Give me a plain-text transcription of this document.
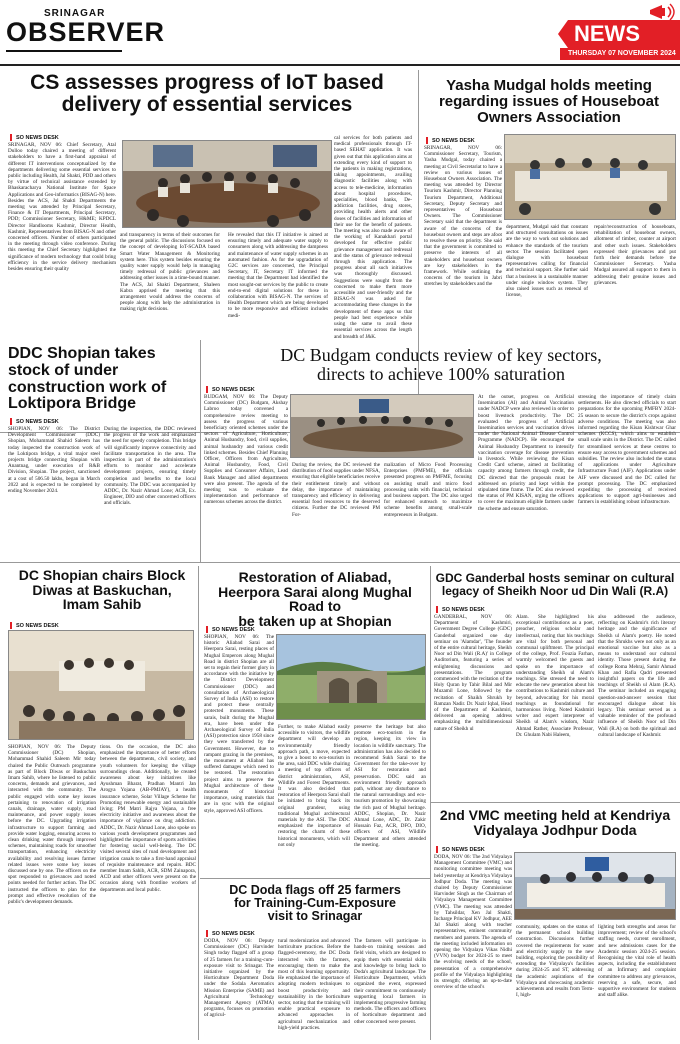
SRINAGAR
OBSERVER	NEWS
THURSDAY 07 NOVEMBER 2024
CS assesses progress of IoT based
delivery of essential services
SO NEWS DESK
SRINAGAR, NOV 06: Chief Secretary, Atal Dulloo today chaired a meeting of different stakeholders to have a first-hand appraisal of different IT interventions conceptualized by the departments delivering some essential services to public including Health, Jal Shakti, PDD and others by virtue of technical assistance extended by Bhaskaracharya National Institute for Space Applications and Geo-informatics (BISAG-N) here. Besides the ACS, Jal Shakti Departments the meeting was attended by Principal Secretary, Finance & IT Departments, Principal Secretary, PDD; Commissioner Secretary, H&ME; KPDCL Director Handlooms Kashmir, Director Health, Kashmir, Representatives from BISAG-N and other concerned officers. Number of others participated in the meeting through video conference. During this meeting the Chief Secretary highlighted the significance of modern technology that could bring efficiency in the service delivery mechanism besides ensuring their quality
and transparency in terms of their outcomes for the general public. The discussions focused on the concept of developing IoT-SCADA based Smart Water Management & Monitoring system here. This system besides ensuring the quality water supply would help in managing timely redressal of public grievances and addressing other issues in a time-bound manner. The ACS, Jal Shakti Department, Shaleen Kabra apprised the meeting that this arrangement would address the concerns of people along with help the administration in making right decisions.
He revealed that this IT initiative is aimed at ensuring timely and adequate water supply to consumers along with addressing the dampness and maintenance of water supply schemes in an automated fashion. As for the upgradation of G2C services are concerned, the Principal Secretary, IT, Secretary IT informed the meeting that the Department had identified the most sought-out services by the public to create end-to-end digital solutions for these in collaboration with BISAG-N. The services of Health Department which are being developed to be more responsive and efficient includes medi-
cal services for both patients and medical professionals through IT-based SEHAT application. It was given out that this application aims at extending every kind of support to the patients in making registrations, taking appointments, availing diagnostic facilities along with access to tele-medicine, information about hospital procedures, specialities, blood banks, De-addiction facilities, drug stores, providing health alerts and other doses of facilities and information of their use for the benefit of patients. The meeting was also made aware of the working of Kanakhari portal developed for effective public grievance management and redressal and the status of grievance redressal through this application. The progress about all such initiatives was thoroughly discussed. Suggestions were sought from the concerned to make them more accessible and user-friendly and the BISAG-N was asked for accommodating these changes in the development of these apps so that people had best experience while using the same to avail these essential services across the length and breadth of J&K.
Yasha Mudgal holds meeting
regarding issues of Houseboat
Owners Association
SO NEWS DESK
SRINAGAR, NOV 06: Commissioner Secretary, Tourism, Yasha Mudgal, today chaired a meeting at Civil Secretariat to have a review on various issues of Houseboat Owners Association. The meeting was attended by Director Tourism Kashmir, Director Planning Tourism Department, Additional Secretary, Deputy Secretary and representatives of Houseboat Owners. The Commissioner Secretary said that the department is aware of the concerns of the houseboat owners and steps are afoot to resolve these on priority. She said that the government is committed to preserve the interests of all stakeholders and houseboat owners are key stakeholders in the framework. While outlining the concerns of the tourism in Jabri stretches by stakeholders and the
department, Mudgal said that constant and structured consultations on issues are the way to work out solutions and enhance the standards of the tourism sector. The session facilitated open dialogue with houseboat representatives calling for financial and technical support. She further said that a business in a sustainable manner under single window system. They also raised issues such as renewal of license,
repair/reconstruction of houseboats, rehabilitation of houseboat owners, allotment of timber, counter at airport and other such issues. Stakeholders expressed their grievances and put forth their demands before the Commissioner Secretary. Yasha Mudgal assured all support to them in addressing their genuine issues and grievances.
DDC Shopian takes
stock of under
construction work of
Loktipora Bridge
SO NEWS DESK
SHOPIAN, NOV 06: The District Development Commissioner (DDC) Shopian, Mohammad Shahid Saleem has today inspected the construction work of the Loktipora bridge, a vital major steel projects bridge connecting Shopian with Anantnag, under execution of R&B Division, Shopian. The project, sanctioned at a cost of 506.50 lakhs, began in March 2022 and is expected to be completed by ending November 2024.
During the inspection, the DDC reviewed the progress of the work and emphasized the need for speedy completion. This bridge will significantly improve connectivity and facilitate transportation in the area. The inspection is part of the administration's efforts to monitor and accelerate development projects, ensuring timely completion and benefits to the local community. The DDC was accompanied by ADDC, Dr. Nazir Ahmad Lone; ACR, Ex. Engineer, DIO and other concerned officers and officials.
DC Budgam conducts review of key sectors,
directs to achieve 100% saturation
SO NEWS DESK
BUDGAM, NOV 06: The Deputy Commissioner (DC) Budgam, Akshay Labroo today convened a comprehensive review meeting to assess the progress of various beneficiary oriented schemes under the sectors of Agriculture, Horticulture, Animal Husbandry, food, civil supplies, animal husbandry and various credit linked schemes. Besides Chief Planning Officer, Officers from Agriculture, Animal Husbandry, Food, Civil Supplies and Consumer Affairs, Lead Bank Manager and allied departments were also present. The agenda of the meeting was to evaluate the implementation and performance of numerous schemes across the district.
During the review, the DC reviewed the distribution of food supplies under NFSA, ensuring that eligible beneficiaries receive their entitlement timely and without delay, the importance of maintaining transparency and efficiency in delivering essential food resources to the deserved citizens. Further the DC reviewed PM For-
malization of Micro Food Processing Enterprises (PMFME), the officials presented progress on PMFME, focusing on assisting small and micro food processing units with financial, technical and business support. The DC also urged for enhanced outreach to maximize scheme benefits among small-scale entrepreneurs in Budgam.
At the outset, progress on Artificial Insemination (AI) and Animal Vaccination under NADCP were also reviewed in order to boost livestock productivity. The DC evaluated the progress of Artificial Insemination services and vaccination drives under the National Animal Disease Control Programme (NADCP). He encouraged the Animal Husbandry Department to intensify vaccination coverage for disease prevention in livestock. While reviewing the Kisan Credit Card scheme, aimed at facilitating capacity among farmers through credit, the DC directed that the proposals must be addressed on priority and kept within the stipulated time frame. The DC also reviewed the status of PM KISAN, urging the officers to cover the maximum eligible farmers under the scheme and ensure saturation.
stressing the importance of timely claim settlements. He also directed officials to start preparations for the upcoming PMFBY 2024-25 season to secure the district's crops against adverse conditions. The meeting was also informed regarding the Kisan Kishtwar Ghar schemes (KCCS), which aims to establish small scale units in the District. The DC called for streamlined services at these centres to ensure easy access to government schemes and subsidies. The review also included the status of applications under Agriculture Infrastructure Fund (AIF). Applications under AIF were discussed and the DC called for prompt processing. The DC emphasized expediting the processing of received applications to support agri-businesses and farmers in establishing robust infrastructure.
DC Shopian chairs Block
Diwas at Baskuchan,
Imam Sahib
SO NEWS DESK
SHOPIAN, NOV 06: The Deputy Commissioner (DC) Shopian, Mohammad Shahid Saleem Mir today chaired the Public Outreach programme as part of Block Diwas or Baskuchan Imam Sahib, where he listened to public concerns, demands and grievances, and interacted with the community. The public engaged with some key issues pertaining to renovation of irrigation canals, drainage, water supply, road maintenance, and power supply issues before the DC. Upgrading irrigation infrastructure to support farming and provide water logging, ensuring access to clean drinking water through improved schemes, maintaining roads for smoother transportation, enhancing electricity availability and resolving issues farmer related issues were some key issues discussed one by one. The officers on the spot responded to grievances and noted points needed for further action. The DC instructed the officers to plan for the prompt and effective resolution of the public's development demands.
tions. On the occasion, the DC also emphasized the importance of better efforts between the departments, civil society, and youth volunteers for keeping the village surroundings clean. Additionally, he created awareness about key initiatives like Ayushman Bharat, Pradhan Mantri Jan Arogya Yojana (AB-PMJAY), a health insurance scheme, Solar Village Scheme for Promoting renewable energy and sustainable living; PM Matri Rajya Yojana, a free electricity initiative and awareness about the importance of vigilance on drug addiction. ADDC, Dr. Nazir Ahmad Lone, also spoke on various youth development programmes and highlighted the importance of sports activities for fostering social well-being. The DC visited several sites of road development and irrigation canals to take a first-hand appraisal of requisite maintenance and repairs. BDC member Imam Sahib, ACR, SDM Zainapora, ACD and other officers were present on the occasion along with frontline workers of departments and local public.
Restoration of Aliabad,
Heerpora Sarai along Mughal Road to
be taken up at Shopian
SO NEWS DESK
SHOPIAN, NOV 06: The historic Aliabad Sarai and Heerpora Sarai, resting places of Mughal Emperors along Mughal Road in district Shopian are all set to regain their former glory in accordance with the initiative by the District Development Commissioner (DDC) and consultation of Archaeological Survey of India (ASI) to restore and protect these centrally protected monuments. These sarais, built during the Mughal era, have been under the Archaeological Survey of India (ASI) protection since 1958 since they were transferred by the Government. However, due to rampant grazing in the premises, the monument at Aliabad has suffered damages which need to be restored. The restoration project aims to preserve the Mughal architecture of these monuments of historical importance, using materials that are in sync with the original style, approved ASI officers.
Further, to make Aliabad easily accessible to visitors, the wildlife department will develop an environmentally friendly approach path, a move, expected to give a boost to eco-tourism in the area, said DDC while chairing a meeting of top officers of district administration, ASI, Wildlife and Forest Departments. It was also decided that restoration of Heerpora Sarai shall be initiated to bring back its original grandeur, using traditional Mughal architectural materials by the ASI. The DDC emphasized the importance of restoring the charm of these historical monuments, which will not only
preserve the heritage but also promote eco-tourism in the region, keeping its view in location in wildlife sanctuary. The administration has also decided to recommend Sukh Sarai to the Government for the take-over by ASI for restoration and preservation. DDC said an environment friendly approach path, without any disturbance to the natural surroundings and eco-tourism promotion by showcasing the rich past of Mughal heritage. ADDC, Shopian, Dr. Nazir Ahmad Lone, ADC, Dr. Zakir Hussain Faz, ACR, DFO, DIO, officers of ASI, Wildlife Department and others attended the meeting.
DC Doda flags off 25 farmers
for Training-Cum-Exposure
visit to Srinagar
SO NEWS DESK
DODA, NOV 06: Deputy Commissioner (DC) Harvinder Singh today flagged off a group of 25 farmers for a training-cum-exposure visit to Srinagar. The initiative organized by the Horticulture Department Doda under the Sodala Aeromatics Mission Enterprise (SAME) and Agricultural Technology Management Agency (ATMA) programs, focuses on promotion of agricul-
tural modernization and advanced horticulture practices. Before the flagged-ceremony, the DC Doda interacted with the farmers, encouraging them to make the most of this learning opportunity. He emphasized the importance of adopting modern techniques to boost productivity and sustainability in the horticulture sector, noting that the training will enable practical exposure to advanced approaches in agricultural mechanization and high-yield practices.
The farmers will participate in hands-on training sessions and field visits, which are designed to equip them with essential skills and knowledge to bring back to Doda's agricultural landscape. The Horticulture Department, which organized the event, expressed their commitment to continuously supporting local farmers in implementing progressive farming methods. The officers and officers of horticulture department and other concerned were present.
GDC Ganderbal hosts seminar on cultural
legacy of Sheikh Noor ud Din Wali (R.A)
SO NEWS DESK
GANDERBAL, NOV 06: Department of Kashmiri, Government Degree College (GDC) Ganderbal organized one day seminar on 'Alamdar', 'The founder of the entire cultural heritage, Sheikh Noor ud Din Wali (R.A)' in College Auditorium, featuring a series of enlightening discussions and presentations. The program commenced with the recitation of the Holy Quran by Tahir Bilal and Mir Muzamil Lone, followed by the recitation of Shaikh Shrukh by Ramzan Nadir. Dr. Nazir Iqbal, Head of the Department of Kashmiri, delivered an opening address emphasizing the multidimensional nature of Sheikh ul
Alam. She highlighted his exceptional contributions as a poet, preacher, religious scholar and intellectual, noting that his teachings are vital for both personal and communal upliftment. The principal of the college, Prof. Fouzia Farhan, warmly welcomed the guests and spoke on the importance of understanding Sheikh ul Alam's teachings. She stressed the need to educate the new generation about his contributions to Kashmiri culture and beyond, advocating for his moral teachings as foundational for harmonious living. Noted Kashmiri writer and expert interpreter of Sheikh ul Alam's wisdom, Nazir Ahmad Rather, Associate Professor, Dr. Ghulam Nabi Haleem,
also addressed the audience, reflecting on Kashmir's rich literary heritage and the significance of Sheikh ul Alam's poetry. He noted that the Shrukhs were not only as an emotional vaccine but also as a means to understand our cultural identity. Those present during the college Roma Mehraj, Samir Ahmad Khan and Rafia Qadri presented insightful papers on the life and teachings of Sheikh ul Alam (R.A). The seminar included an engaging question-and-answer session that encouraged dialogue about his legacy. This seminar served as a valuable reminder of the profound influence of Sheikh Noor ud Din Wali (R.A) on both the spiritual and cultural landscape of Kashmir.
2nd VMC meeting held at Kendriya
Vidyalaya Jodhpur Doda
SO NEWS DESK
DODA, NOV 06: The 2nd Vidyalaya Management Committee (VMC) and monitoring committee meeting was held yesterday at Kendriya Vidyalaya Jodhpur Doda. The meeting was chaired by Deputy Commissioner Harvinder Singh as the Chairman of Vidyalaya Management Committee (VMC). The meeting was attended by Tahsildar, Xen Jal Shakti, Incharge Principal KV Jodhpur, AEE Jal Shakti along with teacher representatives, eminent community members and parents. The agenda of the meeting included information on opening the Vidyalaya Vikas Nidhi (VVN) budget for 2024-25 to meet the evolving needs of the school, presentation of a comprehensive profile of the Vidyalaya highlighting its strength; offering an up-to-date overview of the school's
community, updates on the status of the permanent school building construction. Discussions further covered the requirements for water and electricity supply to the new building, exploring the possibility of extending the Vidyalaya's facilities during 2024-25 and ST, addressing the academic aspirations of the Vidyalaya and showcasing academic achievements and results from Term-I, high-
lighting both strengths and areas for improvement; review of the school's staffing needs, current enrollment, and new admissions cases for the Academic session 2024-25 session. Recognising the vital role of health aspects, including the establishment of an Infirmary and complaint committee to address any grievances, reserving a safe, secure, and supportive environment for students and staff alike.
